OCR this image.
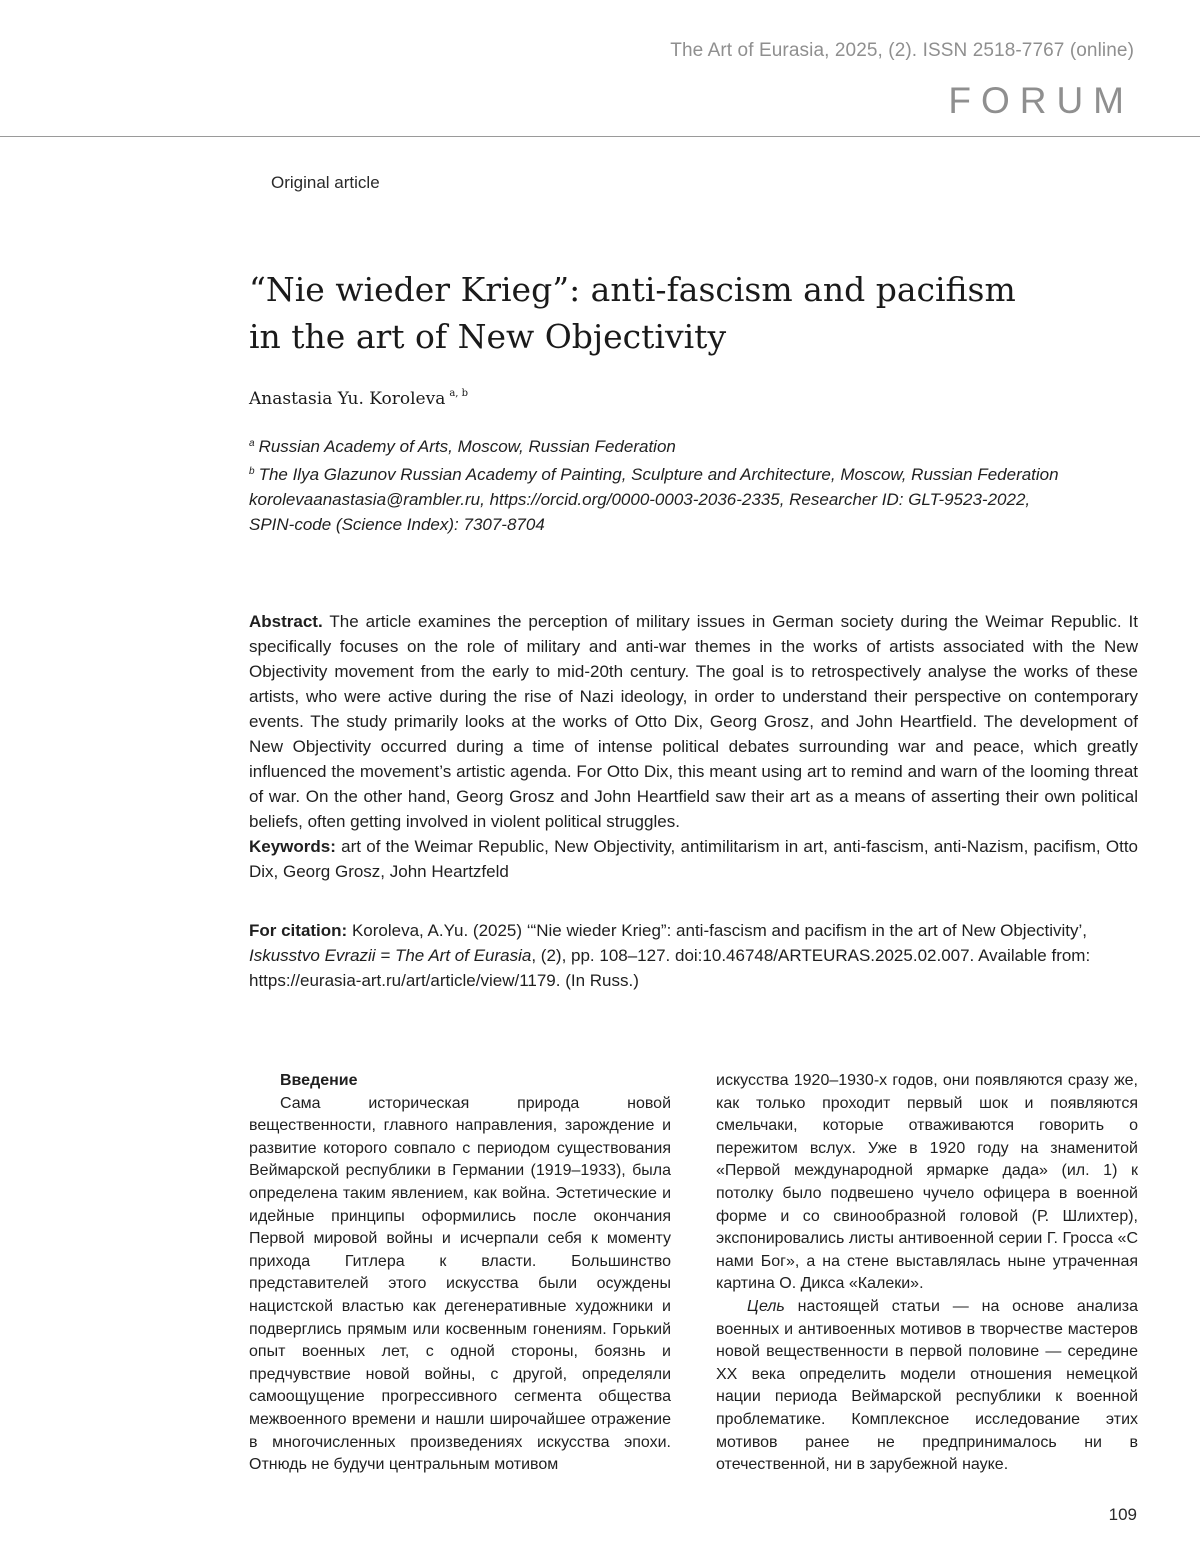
The Art of Eurasia, 2025, (2). ISSN 2518-7767 (online)
FORUM
Original article
“Nie wieder Krieg”: anti-fascism and pacifism
in the art of New Objectivity
Anastasia Yu. Koroleva $^{a, b}$
$^a$ Russian Academy of Arts, Moscow, Russian Federation
$^b$ The Ilya Glazunov Russian Academy of Painting, Sculpture and Architecture, Moscow, Russian Federation
korolevaanastasia@rambler.ru, https://orcid.org/0000-0003-2036-2335, Researcher ID: GLT-9523-2022,
SPIN-code (Science Index): 7307-8704
Abstract. The article examines the perception of military issues in German society during the Weimar Republic. It specifically focuses on the role of military and anti-war themes in the works of artists associated with the New Objectivity movement from the early to mid-20th century. The goal is to retrospectively analyse the works of these artists, who were active during the rise of Nazi ideology, in order to understand their perspective on contemporary events. The study primarily looks at the works of Otto Dix, Georg Grosz, and John Heartfield. The development of New Objectivity occurred during a time of intense political debates surrounding war and peace, which greatly influenced the movement’s artistic agenda. For Otto Dix, this meant using art to remind and warn of the looming threat of war. On the other hand, Georg Grosz and John Heartfield saw their art as a means of asserting their own political beliefs, often getting involved in violent political struggles.
Keywords: art of the Weimar Republic, New Objectivity, antimilitarism in art, anti-fascism, anti-Nazism, pacifism, Otto Dix, Georg Grosz, John Heartzfeld
For citation: Koroleva, A.Yu. (2025) ‘“Nie wieder Krieg”: anti-fascism and pacifism in the art of New Objectivity’, Iskusstvo Evrazii = The Art of Eurasia, (2), pp. 108–127. doi:10.46748/ARTEURAS.2025.02.007. Available from: https://eurasia-art.ru/art/article/view/1179. (In Russ.)
Введение

Сама историческая природа новой вещественности, главного направления, зарождение и развитие которого совпало с периодом существования Веймарской республики в Германии (1919–1933), была определена таким явлением, как война. Эстетические и идейные принципы оформились после окончания Первой мировой войны и исчерпали себя к моменту прихода Гитлера к власти. Большинство представителей этого искусства были осуждены нацистской властью как дегенеративные художники и подверглись прямым или косвенным гонениям. Горький опыт военных лет, с одной стороны, боязнь и предчувствие новой войны, с другой, определяли самоощущение прогрессивного сегмента общества межвоенного времени и нашли широчайшее отражение в многочисленных произведениях искусства эпохи. Отнюдь не будучи центральным мотивом

искусства 1920–1930-х годов, они появляются сразу же, как только проходит первый шок и появляются смельчаки, которые отваживаются говорить о пережитом вслух. Уже в 1920 году на знаменитой «Первой международной ярмарке дада» (ил. 1) к потолку было подвешено чучело офицера в военной форме и со свинообразной головой (Р. Шлихтер), экспонировались листы антивоенной серии Г. Гросса «С нами Бог», а на стене выставлялась ныне утраченная картина О. Дикса «Калеки».

Цель настоящей статьи — на основе анализа военных и антивоенных мотивов в творчестве мастеров новой вещественности в первой половине — середине XX века определить модели отношения немецкой нации периода Веймарской республики к военной проблематике. Комплексное исследование этих мотивов ранее не предпринималось ни в отечественной, ни в зарубежной науке.

109
